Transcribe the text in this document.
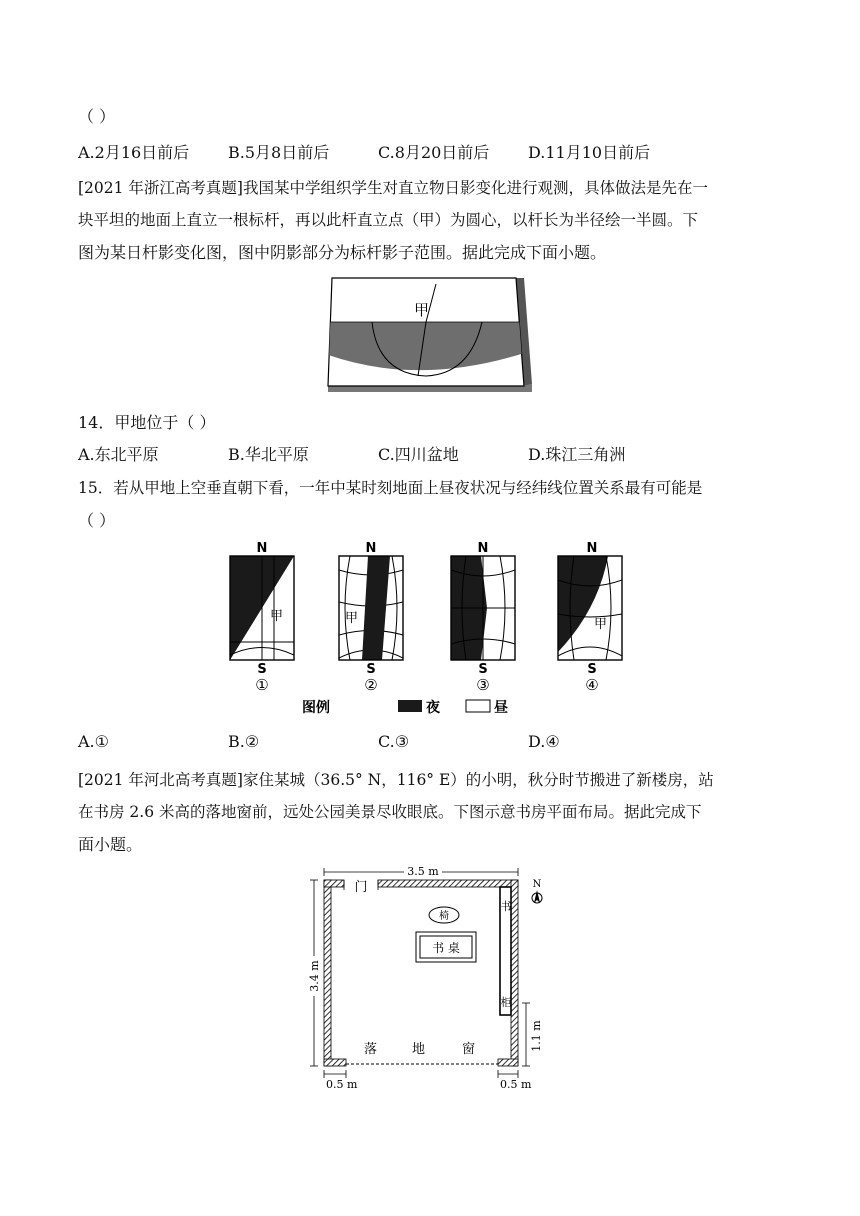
（ ）
A.2月16日前后	B.5月8日前后	C.8月20日前后	D.11月10日前后
[2021 年浙江高考真题]我国某中学组织学生对直立物日影变化进行观测，具体做法是先在一
块平坦的地面上直立一根标杆，再以此杆直立点（甲）为圆心，以杆长为半径绘一半圆。下
图为某日杆影变化图，图中阴影部分为标杆影子范围。据此完成下面小题。
甲
14．甲地位于（ ）
A.东北平原	B.华北平原	C.四川盆地	D.珠江三角洲
15．若从甲地上空垂直朝下看，一年中某时刻地面上昼夜状况与经纬线位置关系最有可能是
（ ）
N
甲
S
①
N
甲
S
②
N
甲
S
③
N
甲
S
④
图例	夜	昼
A.①	B.②	C.③	D.④
[2021 年河北高考真题]家住某城（36.5° N，116° E）的小明，秋分时节搬进了新楼房，站
在书房 2.6 米高的落地窗前，远处公园美景尽收眼底。下图示意书房平面布局。据此完成下
面小题。
3.5 m
3.4 m
门
书
柜
椅
书 桌
N
落	地	窗	1.1 m
0.5 m	0.5 m
